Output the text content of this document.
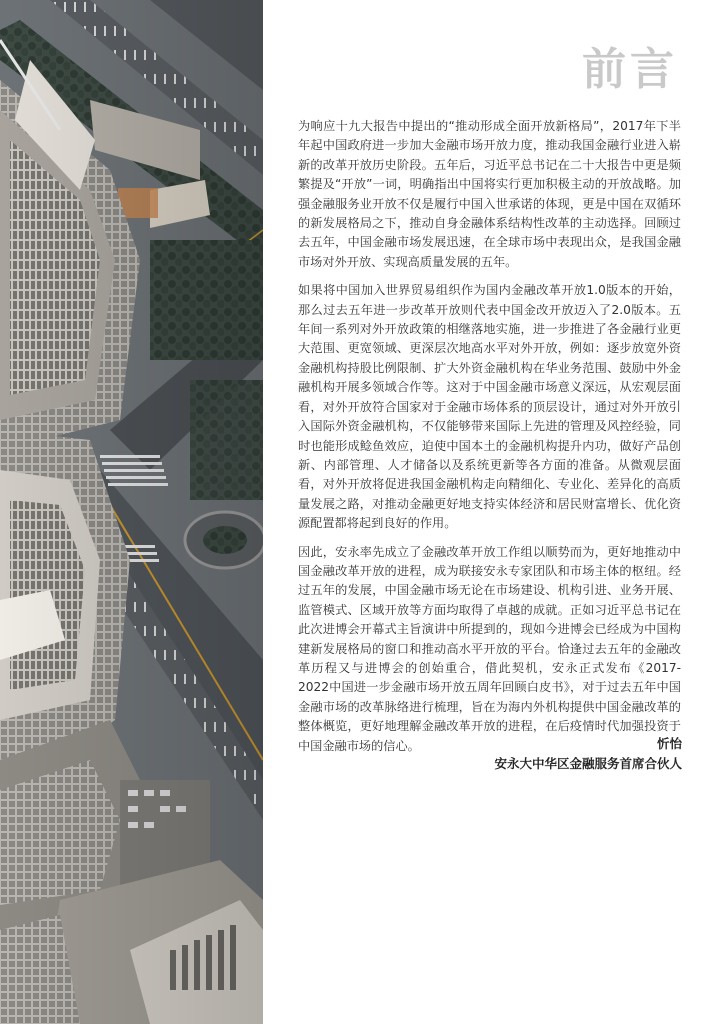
前言

为响应十九大报告中提出的“推动形成全面开放新格局”，2017年下半年起中国政府进一步加大金融市场开放力度，推动我国金融行业进入崭新的改革开放历史阶段。五年后，习近平总书记在二十大报告中更是频繁提及“开放”一词，明确指出中国将实行更加积极主动的开放战略。加强金融服务业开放不仅是履行中国入世承诺的体现，更是中国在双循环的新发展格局之下，推动自身金融体系结构性改革的主动选择。回顾过去五年，中国金融市场发展迅速，在全球市场中表现出众，是我国金融市场对外开放、实现高质量发展的五年。

如果将中国加入世界贸易组织作为国内金融改革开放1.0版本的开始，那么过去五年进一步改革开放则代表中国金改开放迈入了2.0版本。五年间一系列对外开放政策的相继落地实施，进一步推进了各金融行业更大范围、更宽领域、更深层次地高水平对外开放，例如：逐步放宽外资金融机构持股比例限制、扩大外资金融机构在华业务范围、鼓励中外金融机构开展多领域合作等。这对于中国金融市场意义深远，从宏观层面看，对外开放符合国家对于金融市场体系的顶层设计，通过对外开放引入国际外资金融机构，不仅能够带来国际上先进的管理及风控经验，同时也能形成鲶鱼效应，迫使中国本土的金融机构提升内功，做好产品创新、内部管理、人才储备以及系统更新等各方面的准备。从微观层面看，对外开放将促进我国金融机构走向精细化、专业化、差异化的高质量发展之路，对推动金融更好地支持实体经济和居民财富增长、优化资源配置都将起到良好的作用。

因此，安永率先成立了金融改革开放工作组以顺势而为，更好地推动中国金融改革开放的进程，成为联接安永专家团队和市场主体的枢纽。经过五年的发展，中国金融市场无论在市场建设、机构引进、业务开展、监管模式、区域开放等方面均取得了卓越的成就。正如习近平总书记在此次进博会开幕式主旨演讲中所提到的，现如今进博会已经成为中国构建新发展格局的窗口和推动高水平开放的平台。恰逢过去五年的金融改革历程又与进博会的创始重合，借此契机，安永正式发布《2017-2022中国进一步金融市场开放五周年回顾白皮书》，对于过去五年中国金融市场的改革脉络进行梳理，旨在为海内外机构提供中国金融改革的整体概览，更好地理解金融改革开放的进程，在后疫情时代加强投资于中国金融市场的信心。	忻怡
安永大中华区金融服务首席合伙人
